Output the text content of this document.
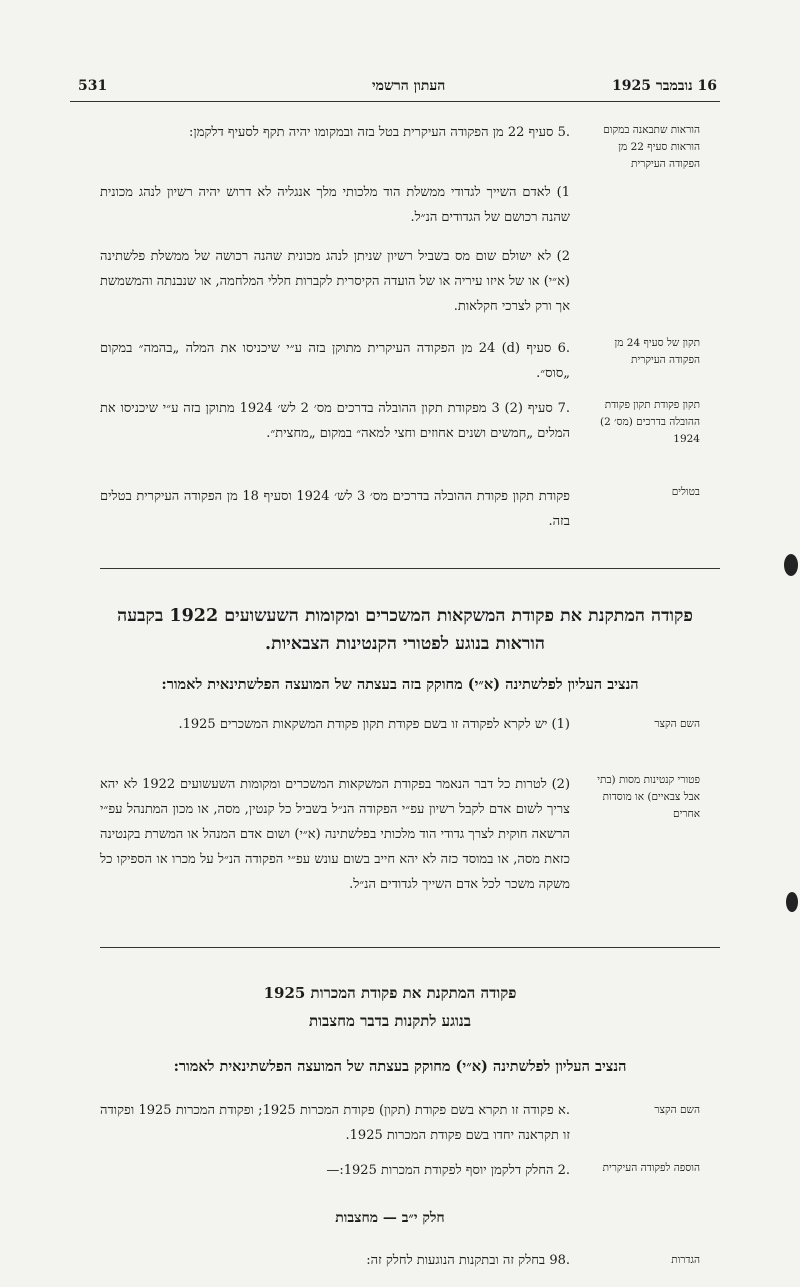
531	העתון הרשמי	16 נובמבר 1925
הוראות שתבאנה במקום הוראות סעיף 22 מן הפקודה העיקרית
.5 סעיף 22 מן הפקודה העיקרית בטל בזה ובמקומו יהיה תקף לסעיף דלקמן:
1) לאדם השייך לגדודי ממשלת הוד מלכותי מלך אנגליה לא דרוש יהיה רשיון לנהג מכונית שהנה רכושם של הגדודים הנ״ל.
2) לא ישולם שום מס בשביל רשיון שניתן לנהג מכונית שהנה רכושה של ממשלת פלשתינה (א״י) או של איזו עיריה או של הועדה הקיסרית לקברות חללי המלחמה, או שנבנתה והמשמשת אך ורק לצרכי חקלאות.
תקון של סעיף 24 מן הפקודה העיקרית
.6 סעיף (d) 24 מן הפקודה העיקרית מתוקן בזה ע״י שיכניסו את המלה „בהמה״ במקום „סוס״.
תקון פקודת תקון פקודת ההובלה בדרכים (מס׳ 2) 1924
.7 סעיף (2) 3 מפקודת תקון ההובלה בדרכים מס׳ 2 לש׳ 1924 מתוקן בזה ע״י שיכניסו את המלים „חמשים ושנים אחוזים וחצי למאה״ במקום „מחצית״.
בטולים
פקודת תקון פקודת ההובלה בדרכים מס׳ 3 לש׳ 1924 וסעיף 18 מן הפקודה העיקרית בטלים בזה.
פקודה המתקנת את פקודת המשקאות המשכרים ומקומות השעשועים 1922 בקבעה הוראות בנוגע לפטורי הקנטינות הצבאיות.
הנציב העליון לפלשתינה (א״י) מחוקק בזה בעצתה של המועצה הפלשתינאית לאמור:
השם הקצר
(1) יש לקרא לפקודה זו בשם פקודת תקון פקודת המשקאות המשכרים 1925.
פטורי קנטינות מסות (בתי אבל צבאיים) או מוסדות אחרים
(2) לטרות כל דבר הנאמר בפקודת המשקאות המשכרים ומקומות השעשועים 1922 לא יהא צריך לשום אדם לקבל רשיון עפ״י הפקודה הנ״ל בשביל כל קנטין, מסה, או מכון המתנהל עפ״י הרשאה חוקית לצרך גדודי הוד מלכותי בפלשתינה (א״י) ושום אדם המנהל או המשרת בקנטינה כזאת מסה, או במוסד כזה לא יהא חייב בשום עונש עפ״י הפקודה הנ״ל על מכרו או הספיקו כל משקה משכר לכל אדם השייך לגדודים הנ״ל.
פקודה המתקנת את פקודת המכרות 1925
בנוגע לתקנות בדבר מחצבות
הנציב העליון לפלשתינה (א״י) מחוקק בעצתה של המועצה הפלשתינאית לאמור:
השם הקצר
.א פקודה זו תקרא בשם פקודת (תקון) פקודת המכרות 1925; ופקודת המכרות 1925 ופקודה זו תקראנה יחדו בשם פקודת המכרות 1925.
הוספה לפקודה העיקרית
.2 החלק דלקמן יוסף לפקודת המכרות 1925:—
חלק י״ב — מחצבות
הגדרות
.98 בחלק זה ובתקנות הנוגעות לחלק זה:
